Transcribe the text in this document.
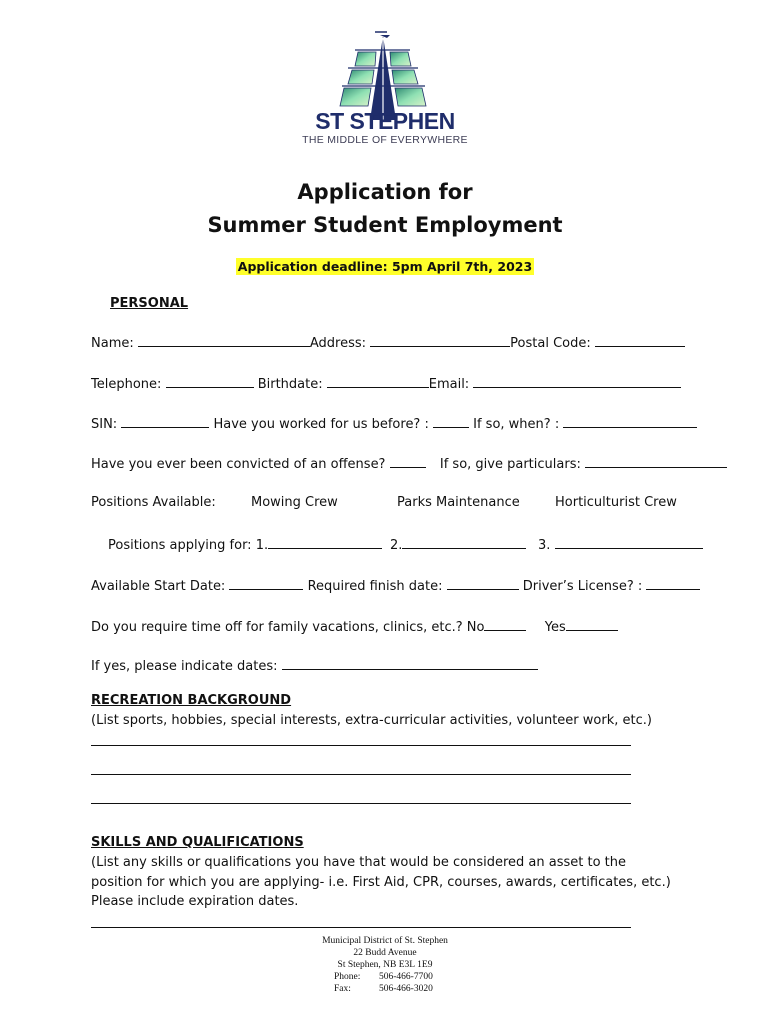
ST STEPHEN
THE MIDDLE OF EVERYWHERE
Application for
Summer Student Employment
Application deadline: 5pm April 7th, 2023
PERSONAL
Name:	Address:	Postal Code:
Telephone:	Birthdate:	Email:
SIN:	Have you worked for us before? :	If so, when? :
Have you ever been convicted of an offense?	If so, give particulars:
Positions Available:	Mowing Crew	Parks Maintenance	Horticulturist Crew
Positions applying for: 1.	2.	3.
Available Start Date:	Required finish date:	Driver’s License? :
Do you require time off for family vacations, clinics, etc.? No	Yes
If yes, please indicate dates:
RECREATION BACKGROUND
(List sports, hobbies, special interests, extra-curricular activities, volunteer work, etc.)
SKILLS AND QUALIFICATIONS
(List any skills or qualifications you have that would be considered an asset to the position for which you are applying- i.e. First Aid, CPR, courses, awards, certificates, etc.) Please include expiration dates.
Municipal District of St. Stephen
22 Budd Avenue
St Stephen, NB E3L 1E9
Phone: 506-466-7700
Fax:	506-466-3020
